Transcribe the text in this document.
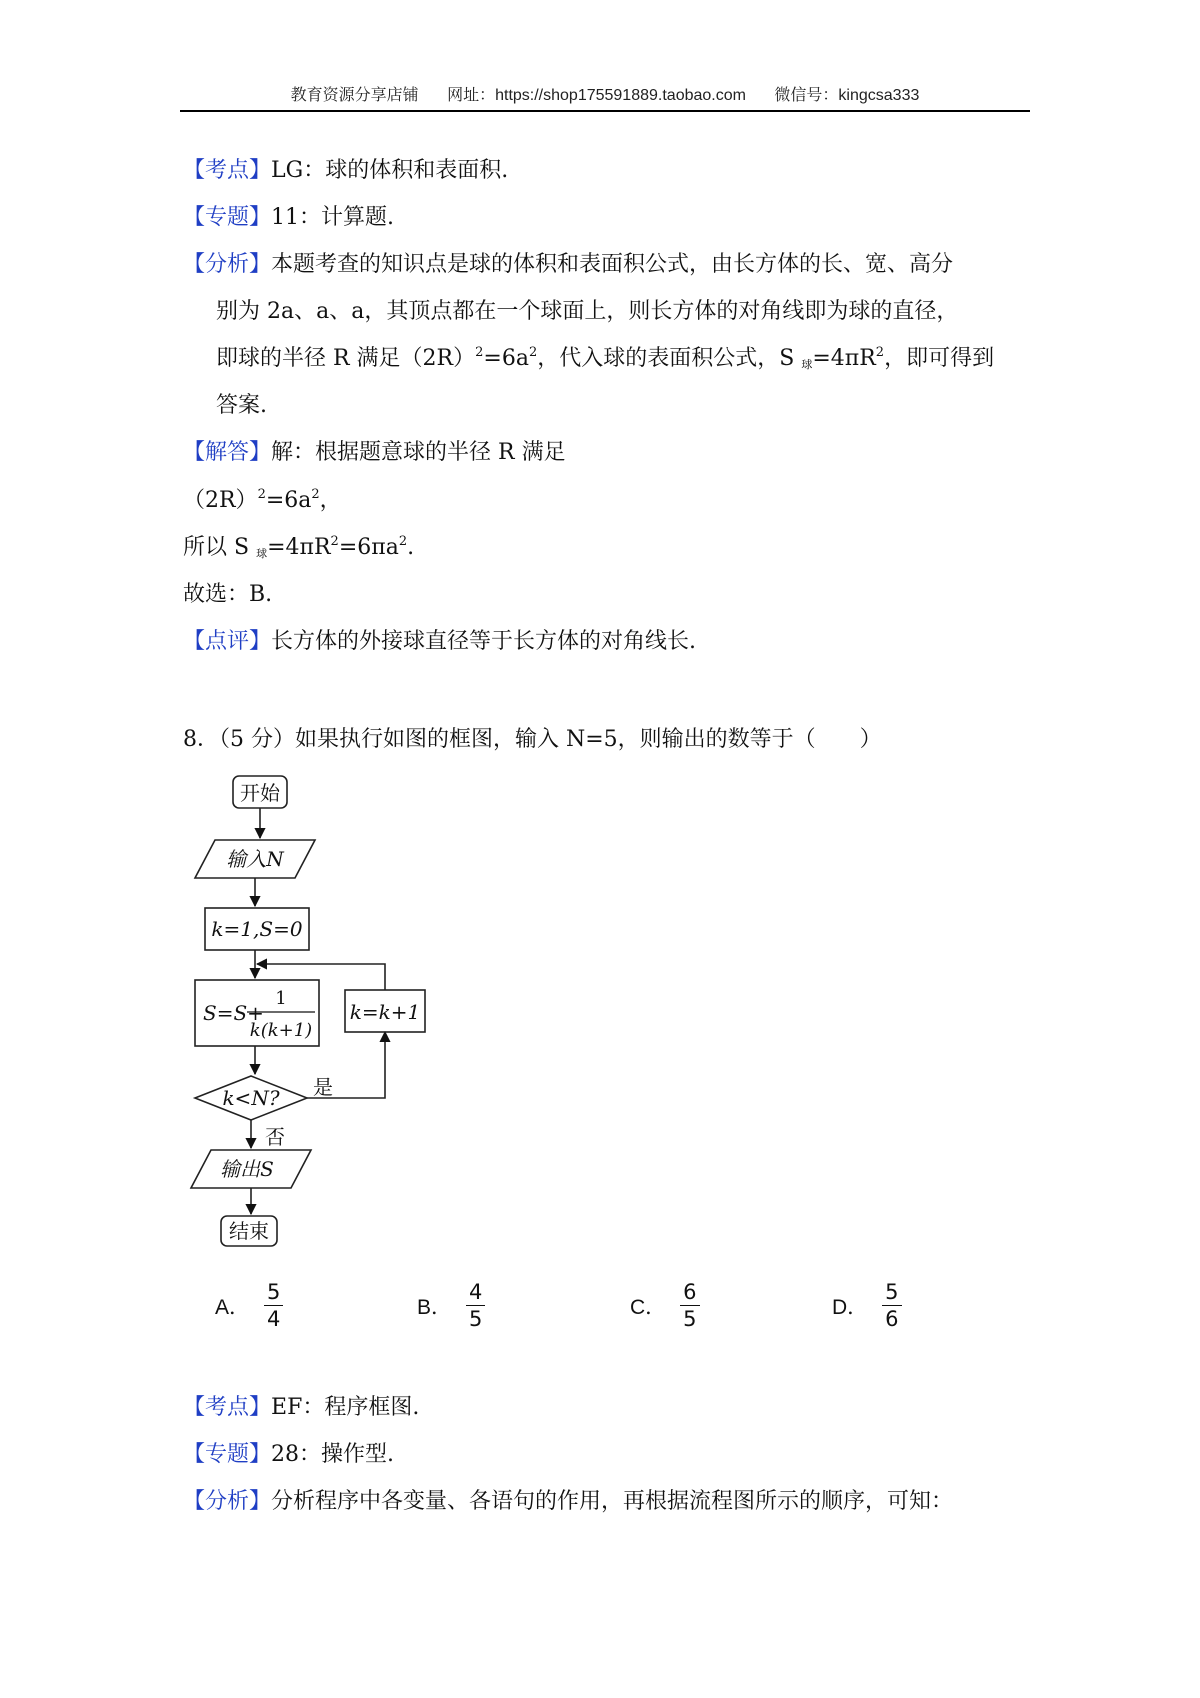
教育资源分享店铺 网址：https://shop175591889.taobao.com 微信号：kingcsa333
【考点】LG：球的体积和表面积.
【专题】11：计算题.
【分析】本题考查的知识点是球的体积和表面积公式，由长方体的长、宽、高分
别为 2a、a、a，其顶点都在一个球面上，则长方体的对角线即为球的直径，
即球的半径 R 满足$(2R)^2=6a^2$，代入球的表面积公式，S $_球=4\pi R^2$，即可得到
答案.
【解答】解：根据题意球的半径 R 满足
$(2R)^2=6a^2$，
所以 S $_球=4\pi R^2=6\pi a^2$.
故选：B.
【点评】长方体的外接球直径等于长方体的对角线长.
8．（5 分）如果执行如图的框图，输入 N=5，则输出的数等于（　　）
开始
输入N
k=1,S=0
S=S+
1
k(k+1)
k=k+1
k<N? 是
否
输出S
结束
A． $\frac{5}{4}$	B． $\frac{4}{5}$	C． $\frac{6}{5}$	D． $\frac{5}{6}$
【考点】EF：程序框图.
【专题】28：操作型.
【分析】分析程序中各变量、各语句的作用，再根据流程图所示的顺序，可知：
